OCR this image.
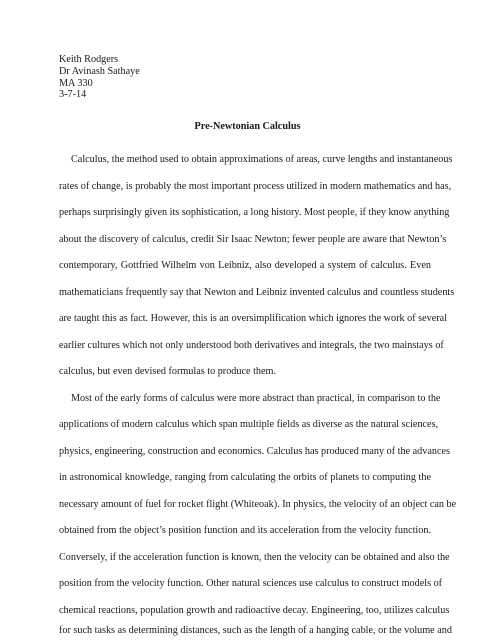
Keith Rodgers
Dr Avinash Sathaye
MA 330
3-7-14
Pre-Newtonian Calculus
Calculus, the method used to obtain approximations of areas, curve lengths and instantaneous
rates of change, is probably the most important process utilized in modern mathematics and has,
perhaps surprisingly given its sophistication, a long history. Most people, if they know anything
about the discovery of calculus, credit Sir Isaac Newton; fewer people are aware that Newton’s
contemporary, Gottfried Wilhelm von Leibniz, also developed a system of calculus. Even
mathematicians frequently say that Newton and Leibniz invented calculus and countless students
are taught this as fact. However, this is an oversimplification which ignores the work of several
earlier cultures which not only understood both derivatives and integrals, the two mainstays of
calculus, but even devised formulas to produce them.
Most of the early forms of calculus were more abstract than practical, in comparison to the
applications of modern calculus which span multiple fields as diverse as the natural sciences,
physics, engineering, construction and economics. Calculus has produced many of the advances
in astronomical knowledge, ranging from calculating the orbits of planets to computing the
necessary amount of fuel for rocket flight (Whiteoak). In physics, the velocity of an object can be
obtained from the object’s position function and its acceleration from the velocity function.
Conversely, if the acceleration function is known, then the velocity can be obtained and also the
position from the velocity function. Other natural sciences use calculus to construct models of
chemical reactions, population growth and radioactive decay. Engineering, too, utilizes calculus
for such tasks as determining distances, such as the length of a hanging cable, or the volume and
